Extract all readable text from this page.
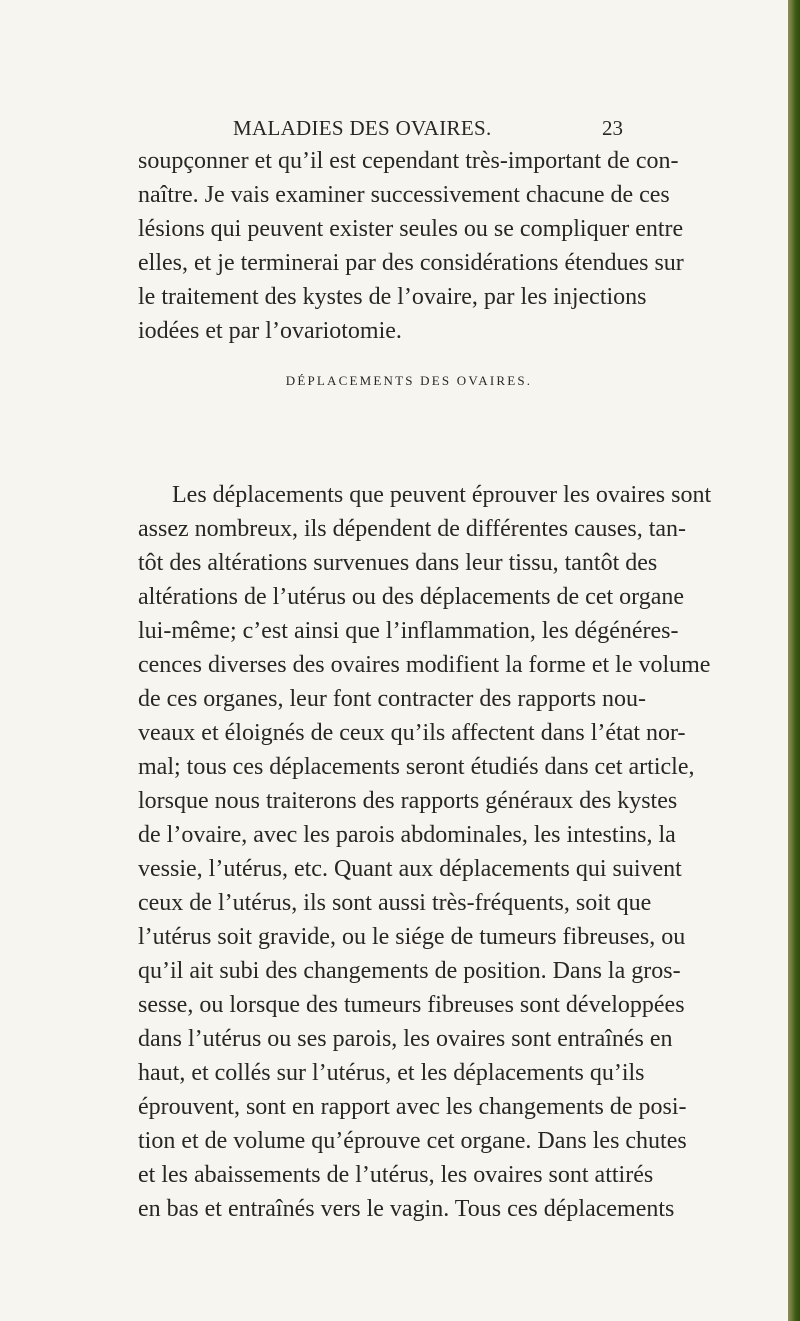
MALADIES DES OVAIRES.	23
soupçonner et qu’il est cependant très-important de con-
naître. Je vais examiner successivement chacune de ces
lésions qui peuvent exister seules ou se compliquer entre
elles, et je terminerai par des considérations étendues sur
le traitement des kystes de l’ovaire, par les injections
iodées et par l’ovariotomie.
DÉPLACEMENTS DES OVAIRES.
Les déplacements que peuvent éprouver les ovaires sont
assez nombreux, ils dépendent de différentes causes, tan-
tôt des altérations survenues dans leur tissu, tantôt des
altérations de l’utérus ou des déplacements de cet organe
lui-même; c’est ainsi que l’inflammation, les dégénéres-
cences diverses des ovaires modifient la forme et le volume
de ces organes, leur font contracter des rapports nou-
veaux et éloignés de ceux qu’ils affectent dans l’état nor-
mal; tous ces déplacements seront étudiés dans cet article,
lorsque nous traiterons des rapports généraux des kystes
de l’ovaire, avec les parois abdominales, les intestins, la
vessie, l’utérus, etc. Quant aux déplacements qui suivent
ceux de l’utérus, ils sont aussi très-fréquents, soit que
l’utérus soit gravide, ou le siége de tumeurs fibreuses, ou
qu’il ait subi des changements de position. Dans la gros-
sesse, ou lorsque des tumeurs fibreuses sont développées
dans l’utérus ou ses parois, les ovaires sont entraînés en
haut, et collés sur l’utérus, et les déplacements qu’ils
éprouvent, sont en rapport avec les changements de posi-
tion et de volume qu’éprouve cet organe. Dans les chutes
et les abaissements de l’utérus, les ovaires sont attirés
en bas et entraînés vers le vagin. Tous ces déplacements
